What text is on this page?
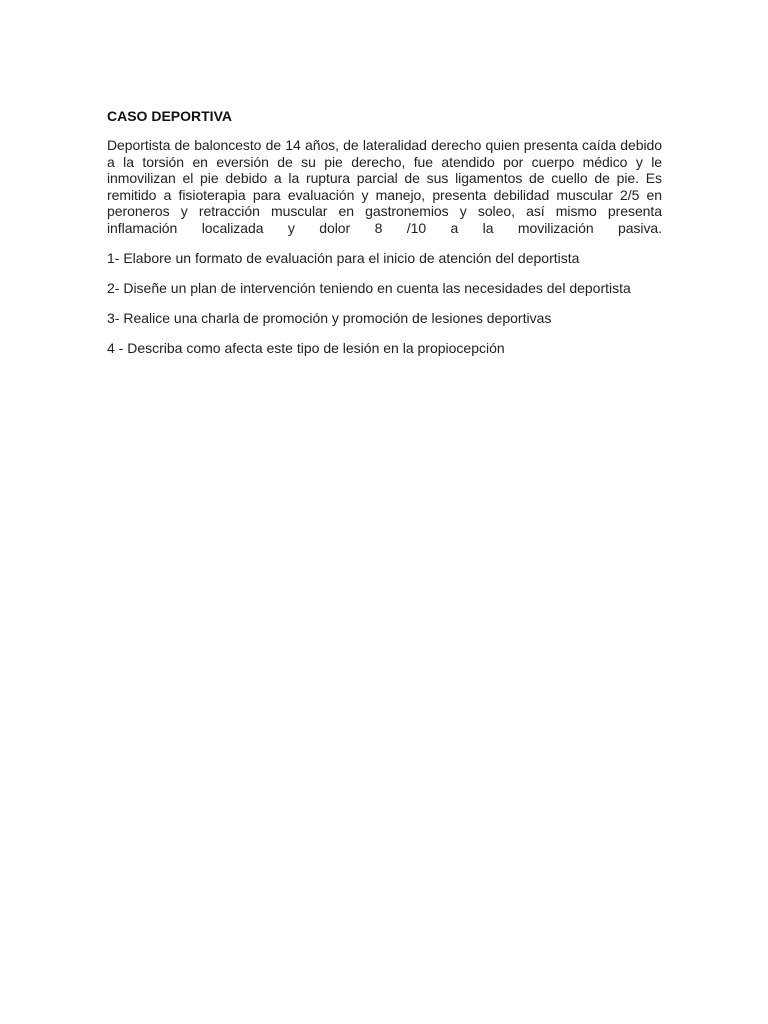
CASO DEPORTIVA

Deportista de baloncesto de 14 años, de lateralidad derecho quien presenta caída debido a la torsión en eversión de su pie derecho, fue atendido por cuerpo médico y le inmovilizan el pie debido a la ruptura parcial de sus ligamentos de cuello de pie. Es remitido a fisioterapia para evaluación y manejo, presenta debilidad muscular 2/5 en peroneros y retracción muscular en gastronemios y soleo, así mismo presenta inflamación localizada y dolor 8 /10 a la movilización pasiva.

1- Elabore un formato de evaluación para el inicio de atención del deportista
2- Diseñe un plan de intervención teniendo en cuenta las necesidades del deportista
3- Realice una charla de promoción y promoción de lesiones deportivas
4 - Describa como afecta este tipo de lesión en la propiocepción
